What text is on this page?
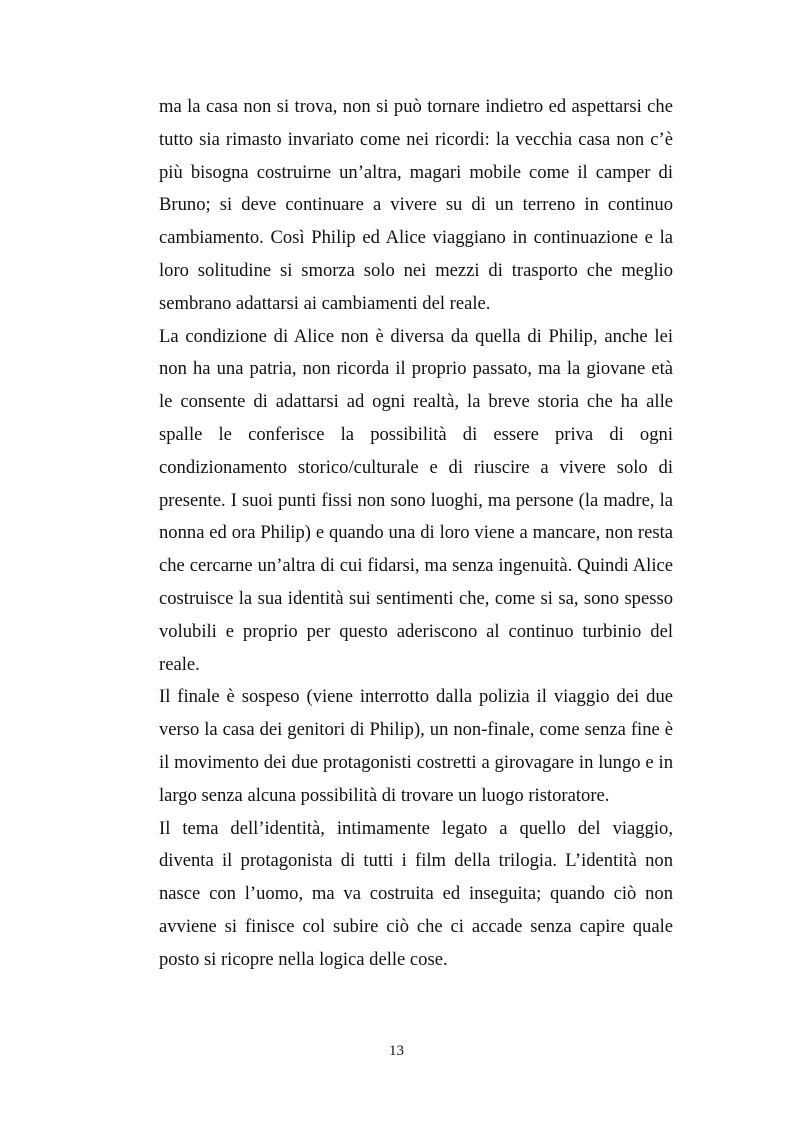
ma la casa non si trova, non si può tornare indietro ed aspettarsi che tutto sia rimasto invariato come nei ricordi: la vecchia casa non c’è più bisogna costruirne un’altra, magari mobile come il camper di Bruno; si deve continuare a vivere su di un terreno in continuo cambiamento. Così Philip ed Alice viaggiano in continuazione e la loro solitudine si smorza solo nei mezzi di trasporto che meglio sembrano adattarsi ai cambiamenti del reale.

La condizione di Alice non è diversa da quella di Philip, anche lei non ha una patria, non ricorda il proprio passato, ma la giovane età le consente di adattarsi ad ogni realtà, la breve storia che ha alle spalle le conferisce la possibilità di essere priva di ogni condizionamento storico/culturale e di riuscire a vivere solo di presente. I suoi punti fissi non sono luoghi, ma persone (la madre, la nonna ed ora Philip) e quando una di loro viene a mancare, non resta che cercarne un’altra di cui fidarsi, ma senza ingenuità. Quindi Alice costruisce la sua identità sui sentimenti che, come si sa, sono spesso volubili e proprio per questo aderiscono al continuo turbinio del reale.

Il finale è sospeso (viene interrotto dalla polizia il viaggio dei due verso la casa dei genitori di Philip), un non-finale, come senza fine è il movimento dei due protagonisti costretti a girovagare in lungo e in largo senza alcuna possibilità di trovare un luogo ristoratore.

Il tema dell’identità, intimamente legato a quello del viaggio, diventa il protagonista di tutti i film della trilogia. L’identità non nasce con l’uomo, ma va costruita ed inseguita; quando ciò non avviene si finisce col subire ciò che ci accade senza capire quale posto si ricopre nella logica delle cose.

13
